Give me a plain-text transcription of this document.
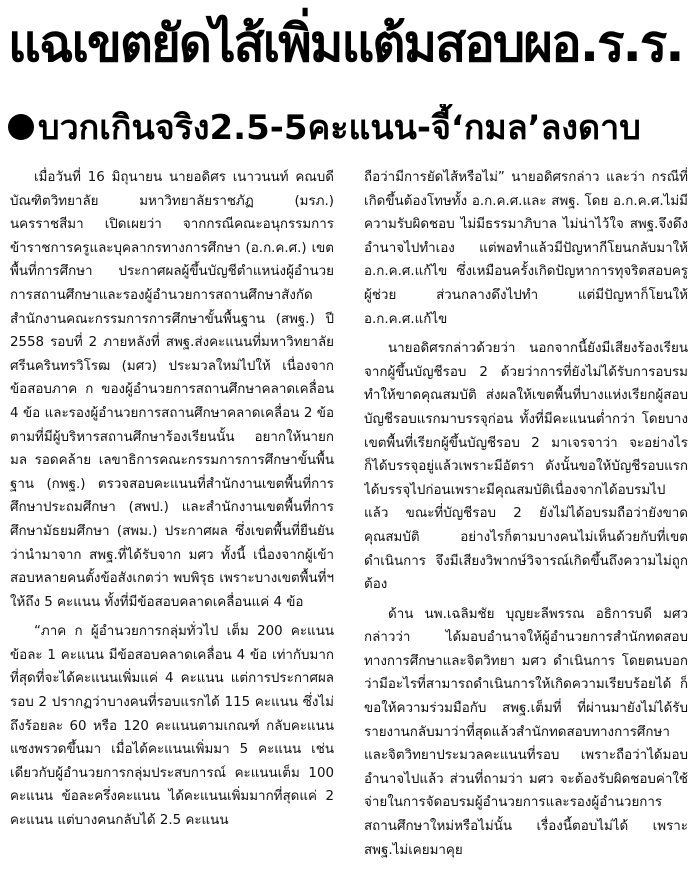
แฉเขตยัดไส้เพิ่มแต้มสอบผอ.ร.ร.
บวกเกินจริง2.5-5คะแนน-จี้‘กมล’ลงดาบ

เมื่อวันที่ 16 มิถุนายน นายอดิศร เนาวนนท์ คณบดีบัณฑิตวิทยาลัย มหาวิทยาลัยราชภัฏ (มรภ.) นครราชสีมา เปิดเผยว่า จากกรณีคณะอนุกรรมการข้าราชการครูและบุคลากรทางการศึกษา (อ.ก.ค.ศ.) เขตพื้นที่การศึกษา ประกาศผลผู้ขึ้นบัญชีตำแหน่งผู้อำนวยการสถานศึกษาและรองผู้อำนวยการสถานศึกษาสังกัดสำนักงานคณะกรรมการการศึกษาขั้นพื้นฐาน (สพฐ.) ปี 2558 รอบที่ 2 ภายหลังที่ สพฐ.ส่งคะแนนที่มหาวิทยาลัยศรีนครินทรวิโรฒ (มศว) ประมวลใหม่ไปให้ เนื่องจากข้อสอบภาค ก ของผู้อำนวยการสถานศึกษาคลาดเคลื่อน 4 ข้อ และรองผู้อำนวยการสถานศึกษาคลาดเคลื่อน 2 ข้อ ตามที่มีผู้บริหารสถานศึกษาร้องเรียนนั้น อยากให้นายกมล รอดคล้าย เลขาธิการคณะกรรมการการศึกษาขั้นพื้นฐาน (กพฐ.) ตรวจสอบคะแนนที่สำนักงานเขตพื้นที่การศึกษาประถมศึกษา (สพป.) และสำนักงานเขตพื้นที่การศึกษามัธยมศึกษา (สพม.) ประกาศผล ซึ่งเขตพื้นที่ยืนยันว่านำมาจาก สพฐ.ที่ได้รับจาก มศว ทั้งนี้ เนื่องจากผู้เข้าสอบหลายคนตั้งข้อสังเกตว่า พบพิรุธ เพราะบางเขตพื้นที่ฯให้ถึง 5 คะแนน ทั้งที่มีข้อสอบคลาดเคลื่อนแค่ 4 ข้อ

“ภาค ก ผู้อำนวยการกลุ่มทั่วไป เต็ม 200 คะแนน ข้อละ 1 คะแนน มีข้อสอบคลาดเคลื่อน 4 ข้อ เท่ากับมากที่สุดที่จะได้คะแนนเพิ่มแค่ 4 คะแนน แต่การประกาศผลรอบ 2 ปรากฏว่าบางคนที่รอบแรกได้ 115 คะแนน ซึ่งไม่ถึงร้อยละ 60 หรือ 120 คะแนนตามเกณฑ์ กลับคะแนนแซงพรวดขึ้นมา เมื่อได้คะแนนเพิ่มมา 5 คะแนน เช่นเดียวกับผู้อำนวยการกลุ่มประสบการณ์ คะแนนเต็ม 100 คะแนน ข้อละครึ่งคะแนน ได้คะแนนเพิ่มมากที่สุดแค่ 2 คะแนน แต่บางคนกลับได้ 2.5 คะแนน

ถือว่ามีการยัดไส้หรือไม่” นายอดิศรกล่าว และว่า กรณีที่เกิดขึ้นต้องโทษทั้ง อ.ก.ค.ศ.และ สพฐ. โดย อ.ก.ค.ศ.ไม่มีความรับผิดชอบ ไม่มีธรรมาภิบาล ไม่น่าไว้ใจ สพฐ.จึงดึงอำนาจไปทำเอง แต่พอทำแล้วมีปัญหากีโยนกลับมาให้ อ.ก.ค.ศ.แก้ไข ซึ่งเหมือนครั้งเกิดปัญหาการทุจริตสอบครูผู้ช่วย ส่วนกลางดึงไปทำ แต่มีปัญหาก็โยนให้ อ.ก.ค.ศ.แก้ไข

นายอดิศรกล่าวด้วยว่า นอกจากนี้ยังมีเสียงร้องเรียนจากผู้ขึ้นบัญชีรอบ 2 ด้วยว่าการที่ยังไม่ได้รับการอบรม ทำให้ขาดคุณสมบัติ ส่งผลให้เขตพื้นที่บางแห่งเรียกผู้สอบบัญชีรอบแรกมาบรรจุก่อน ทั้งที่มีคะแนนต่ำกว่า โดยบางเขตพื้นที่เรียกผู้ขึ้นบัญชีรอบ 2 มาเจรจาว่า จะอย่างไรก็ได้บรรจุอยู่แล้วเพราะมีอัตรา ดังนั้นขอให้บัญชีรอบแรกได้บรรจุไปก่อนเพราะมีคุณสมบัติเนื่องจากได้อบรมไปแล้ว ขณะที่บัญชีรอบ 2 ยังไม่ได้อบรมถือว่ายังขาดคุณสมบัติ อย่างไรก็ตามบางคนไม่เห็นด้วยกับที่เขตดำเนินการ จึงมีเสียงวิพากษ์วิจารณ์เกิดขึ้นถึงความไม่ถูกต้อง

ด้าน นพ.เฉลิมชัย บุญยะลีพรรณ อธิการบดี มศว กล่าวว่า ได้มอบอำนาจให้ผู้อำนวยการสำนักทดสอบทางการศึกษาและจิตวิทยา มศว ดำเนินการ โดยตนบอกว่ามีอะไรที่สามารถดำเนินการให้เกิดความเรียบร้อยได้ ก็ขอให้ความร่วมมือกับ สพฐ.เต็มที่ ที่ผ่านมายังไม่ได้รับรายงานกลับมาว่าที่สุดแล้วสำนักทดสอบทางการศึกษาและจิตวิทยาประมวลคะแนนที่รอบ เพราะถือว่าได้มอบอำนาจไปแล้ว ส่วนที่ถามว่า มศว จะต้องรับผิดชอบค่าใช้จ่ายในการจัดอบรมผู้อำนวยการและรองผู้อำนวยการสถานศึกษาใหม่หรือไม่นั้น เรื่องนี้ตอบไม่ได้ เพราะ สพฐ.ไม่เคยมาคุย
